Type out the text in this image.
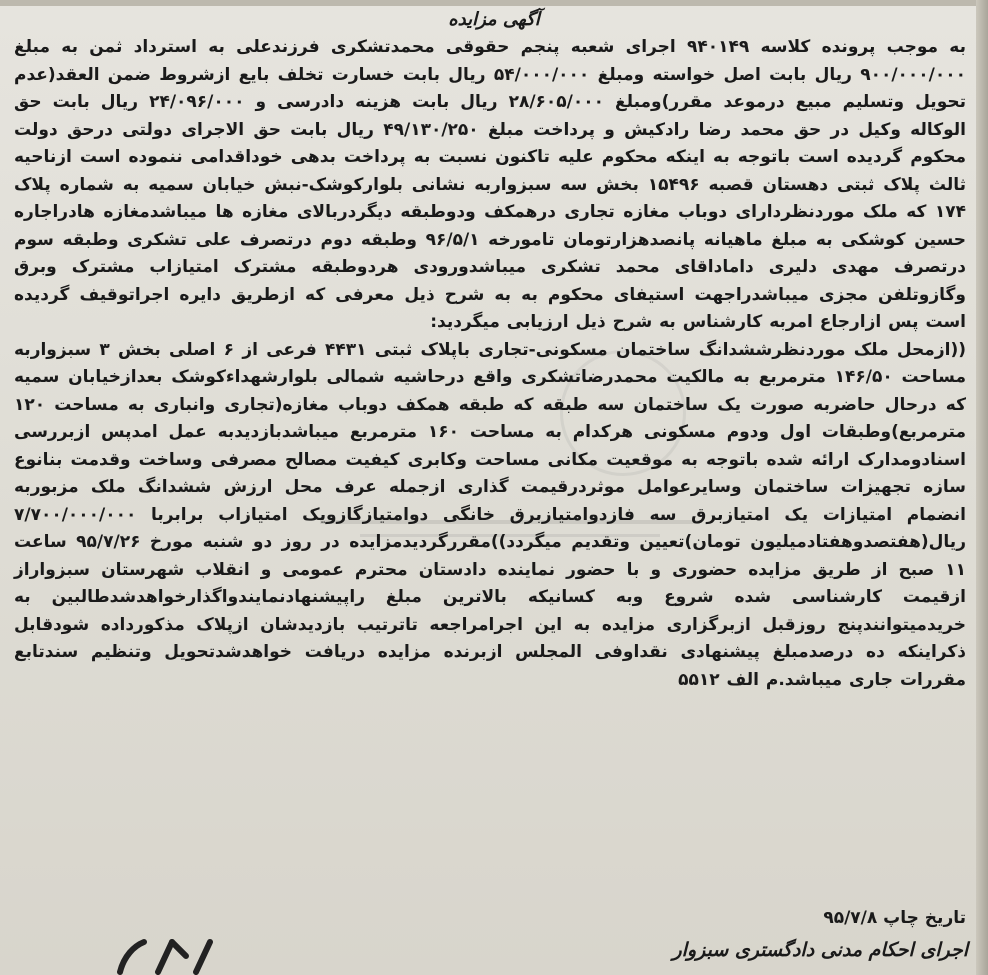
آگهی مزایده

به موجب پرونده کلاسه ۹۴۰۱۴۹ اجرای شعبه پنجم حقوقی محمدتشکری فرزندعلی به استرداد ثمن به مبلغ ۹۰۰/۰۰۰/۰۰۰ ریال بابت اصل خواسته ومبلغ ۵۴/۰۰۰/۰۰۰ ریال بابت خسارت تخلف بایع ازشروط ضمن العقد(عدم تحویل وتسلیم مبیع درموعد مقرر)ومبلغ ۲۸/۶۰۵/۰۰۰ ریال بابت هزینه دادرسی و ۲۴/۰۹۶/۰۰۰ ریال بابت حق الوکاله وکیل در حق محمد رضا رادکیش و پرداخت مبلغ ۴۹/۱۳۰/۲۵۰ ریال بابت حق الاجرای دولتی درحق دولت محکوم گردیده است باتوجه به اینکه محکوم علیه تاکنون نسبت به پرداخت بدهی خوداقدامی ننموده است ازناحیه ثالث پلاک ثبتی دهستان قصبه ۱۵۴۹۶ بخش سه سبزواربه نشانی بلوارکوشک-نبش خیابان سمیه به شماره پلاک ۱۷۴ که ملک موردنظردارای دوباب مغازه تجاری درهمکف ودوطبقه دیگردربالای مغازه ها میباشدمغازه هادراجاره حسین کوشکی به مبلغ ماهیانه پانصدهزارتومان تامورخه ۹۶/۵/۱ وطبقه دوم درتصرف علی تشکری وطبقه سوم درتصرف مهدی دلیری داماداقای محمد تشکری میباشدورودی هردوطبقه مشترک امتیازاب مشترک وبرق وگازوتلفن مجزی میباشدراجهت استیفای محکوم به به شرح ذیل معرفی که ازطریق دایره اجراتوقیف گردیده است پس ازارجاع امربه کارشناس به شرح ذیل ارزیابی میگردید:
((ازمحل ملک موردنظرششدانگ ساختمان مسکونی-تجاری باپلاک ثبتی ۴۴۳۱ فرعی از ۶ اصلی بخش ۳ سبزواربه مساحت ۱۴۶/۵۰ مترمربع به مالکیت محمدرضاتشکری واقع درحاشیه شمالی بلوارشهداءکوشک بعدازخیابان سمیه که درحال حاضربه صورت یک ساختمان سه طبقه که طبقه همکف دوباب مغازه(تجاری وانباری به مساحت ۱۲۰ مترمربع)وطبقات اول ودوم مسکونی هرکدام به مساحت ۱۶۰ مترمربع میباشدبازدیدبه عمل امدپس ازبررسی اسنادومدارک ارائه شده باتوجه به موقعیت مکانی مساحت وکابری کیفیت مصالح مصرفی وساخت وقدمت بنانوع سازه تجهیزات ساختمان وسایرعوامل موثردرقیمت گذاری ازجمله عرف محل ارزش ششدانگ ملک مزبوربه انضمام امتیازات یک امتیازبرق سه فازدوامتیازبرق خانگی دوامتیازگازویک امتیازاب برابربا ۷/۷۰۰/۰۰۰/۰۰۰ ریال(هفتصدوهفتادمیلیون تومان)تعیین وتقدیم میگردد))مقررگردیدمزایده در روز دو شنبه مورخ ۹۵/۷/۲۶ ساعت ۱۱ صبح از طریق مزایده حضوری و با حضور نماینده دادستان محترم عمومی و انقلاب شهرستان سبزواراز ازقیمت کارشناسی شده شروع وبه کسانیکه بالاترین مبلغ راپیشنهادنمایندواگذارخواهدشدطالبین به خریدمیتوانندپنج روزقبل ازبرگزاری مزایده به این اجرامراجعه تاترتیب بازدیدشان ازپلاک مذکورداده شودقابل ذکراینکه ده درصدمبلغ پیشنهادی نقداوفی المجلس ازبرنده مزایده دریافت خواهدشدتحویل وتنظیم سندتابع مقررات جاری میباشد.م الف ۵۵۱۲

تاریخ چاپ ۹۵/۷/۸
اجرای احکام مدنی دادگستری سبزوار
